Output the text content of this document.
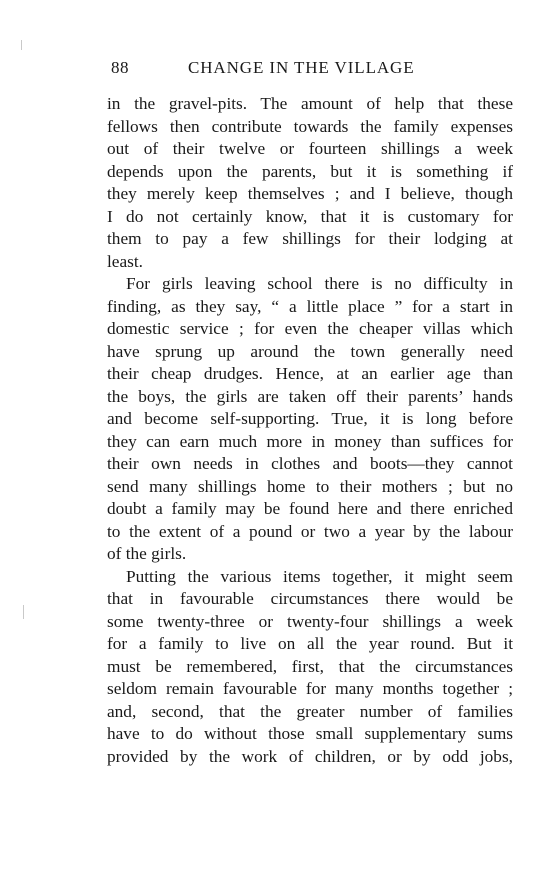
88	CHANGE IN THE VILLAGE
in the gravel-pits. The amount of help that these
fellows then contribute towards the family expenses
out of their twelve or fourteen shillings a week
depends upon the parents, but it is something if
they merely keep themselves ; and I believe, though
I do not certainly know, that it is customary for
them to pay a few shillings for their lodging at
least.
For girls leaving school there is no difficulty in
finding, as they say, “ a little place ” for a start in
domestic service ; for even the cheaper villas which
have sprung up around the town generally need
their cheap drudges. Hence, at an earlier age than
the boys, the girls are taken off their parents’ hands
and become self-supporting. True, it is long before
they can earn much more in money than suffices for
their own needs in clothes and boots—they cannot
send many shillings home to their mothers ; but no
doubt a family may be found here and there enriched
to the extent of a pound or two a year by the labour
of the girls.
Putting the various items together, it might seem
that in favourable circumstances there would be
some twenty-three or twenty-four shillings a week
for a family to live on all the year round. But it
must be remembered, first, that the circumstances
seldom remain favourable for many months together ;
and, second, that the greater number of families
have to do without those small supplementary sums
provided by the work of children, or by odd jobs,
